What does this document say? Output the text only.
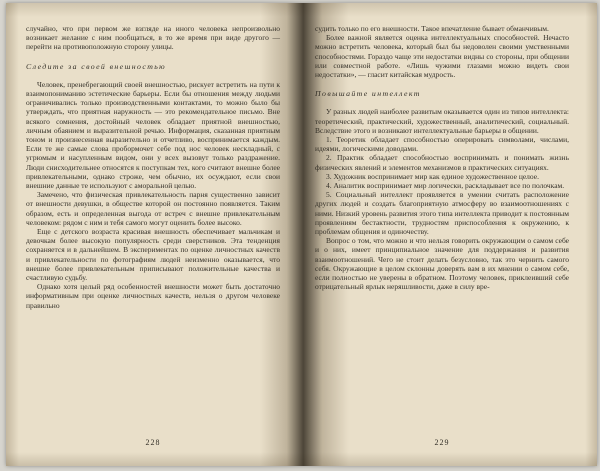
случайно, что при первом же взгляде на иного человека непроизвольно возникает желание с ним пообщаться, в то же время при виде другого — перейти на противоположную сторону улицы.

Следите за своей внешностью

Человек, пренебрегающий своей внешностью, рискует встретить на пути к взаимопониманию эстетические барьеры. Если бы отношения между людьми ограничивались только производственными контактами, то можно было бы утверждать, что приятная наружность — это рекомендательное письмо. Вне всякого сомнения, достойный человек обладает приятной внешностью, личным обаянием и выразительной речью. Информация, сказанная приятным тоном и произнесенная выразительно и отчетливо, воспринимается каждым. Если те же самые слова пробормочет себе под нос человек нескладный, с угрюмым и насупленным видом, они у всех вызовут только раздражение. Люди снисходительнее относятся к поступкам тех, кого считают внешне более привлекательными, однако строже, чем обычно, их осуждают, если свои внешние данные те используют с аморальной целью.

Замечено, что физическая привлекательность парня существенно зависит от внешности девушки, в обществе которой он постоянно появляется. Таким образом, есть и определенная выгода от встреч с внешне привлекательным человеком: рядом с ним и тебя самого могут оценить более высоко.

Еще с детского возраста красивая внешность обеспечивает мальчикам и девочкам более высокую популярность среди сверстников. Эта тенденция сохраняется и в дальнейшем. В экспериментах по оценке личностных качеств и привлекательности по фотографиям людей неизменно оказывается, что внешне более привлекательным приписывают положительные качества и счастливую судьбу.

Однако хотя целый ряд особенностей внешности может быть достаточно информативным при оценке личностных качеств, нельзя о другом человеке правильно

228

судить только по его внешности. Такое впечатление бывает обманчивым.

Более важной является оценка интеллектуальных способностей. Нечасто можно встретить человека, который был бы недоволен своими умственными способностями. Гораздо чаще эти недостатки видны со стороны, при общении или совместной работе. «Лишь чужими глазами можно видеть свои недостатки», — гласит китайская мудрость.

Повышайте интеллект

У разных людей наиболее развитым оказывается один из типов интеллекта: теоретический, практический, художественный, аналитический, социальный. Вследствие этого и возникают интеллектуальные барьеры в общении.

1. Теоретик обладает способностью оперировать символами, числами, идеями, логическими доводами.

2. Практик обладает способностью воспринимать и понимать жизнь физических явлений и элементов механизмов в практических ситуациях.

3. Художник воспринимает мир как единое художественное целое.

4. Аналитик воспринимает мир логически, раскладывает все по полочкам.

5. Социальный интеллект проявляется в умении считать расположение других людей и создать благоприятную атмосферу во взаимоотношениях с ними. Низкий уровень развития этого типа интеллекта приводит к постоянным проявлениям бестактности, трудностям приспособления к окружению, к проблемам общения и одиночеству.

Вопрос о том, что можно и что нельзя говорить окружающим о самом себе и о них, имеет принципиальное значение для поддержания и развития взаимоотношений. Чего не стоит делать безусловно, так это чернить самого себя. Окружающие в целом склонны доверять вам в их мнении о самом себе, если полностью не уверены в обратном. Поэтому человек, приклеивший себе отрицательный ярлык неряшливости, даже в силу вре-

229
